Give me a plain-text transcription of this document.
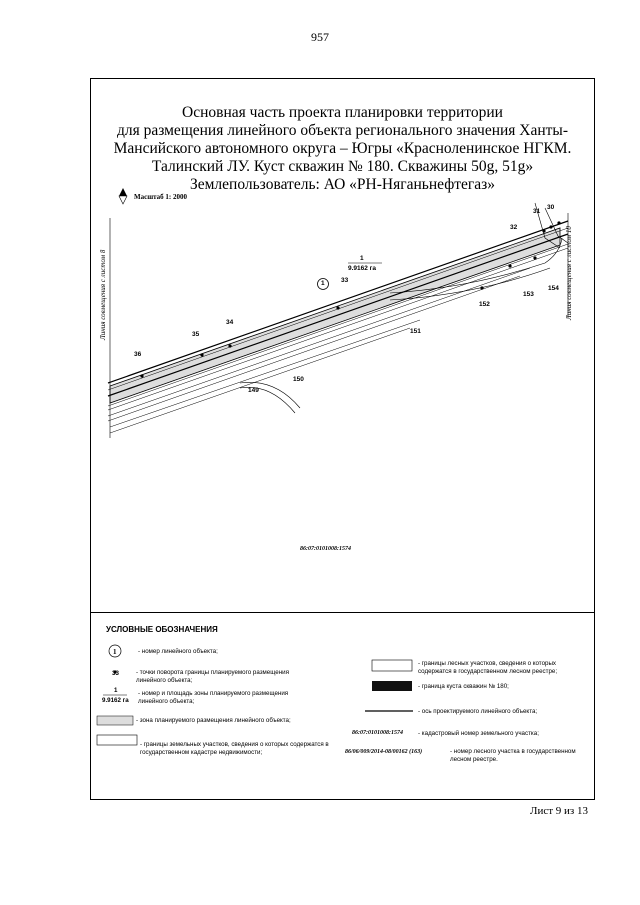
957
Основная часть проекта планировки территории
для размещения линейного объекта регионального значения Ханты-
Мансийского автономного округа – Югры «Красноленинское НГКМ.
Талинский ЛУ. Куст скважин № 180. Скважины 50g, 51g»
Землепользователь: АО «РН-Няганьнефтегаз»
Масштаб 1: 2000
1
1
9.9162 га
30
31
32
33
34
35
36
149
150
151
152
153
154
Линия совмещения с листом 8	Линия совмещения с листом 10
86:07:0101008:1574
УСЛОВНЫЕ ОБОЗНАЧЕНИЯ
1	- номер линейного объекта;
33	- точки поворота границы планируемого размещения линейного объекта;
1
9.9162 га
- номер и площадь зоны планируемого размещения линейного объекта;
- зона планируемого размещения линейного объекта;
- границы земельных участков, сведения о которых содержатся в государственном кадастре недвижимости;
- границы лесных участков, сведения о которых содержатся в государственном лесном реестре;
- граница куста скважин № 180;
- ось проектируемого линейного объекта;
86:07:0101008:1574 - кадастровый номер земельного участка;
86/06/009/2014-08/00162 (163)	- номер лесного участка в государственном лесном реестре.
Лист 9 из 13
